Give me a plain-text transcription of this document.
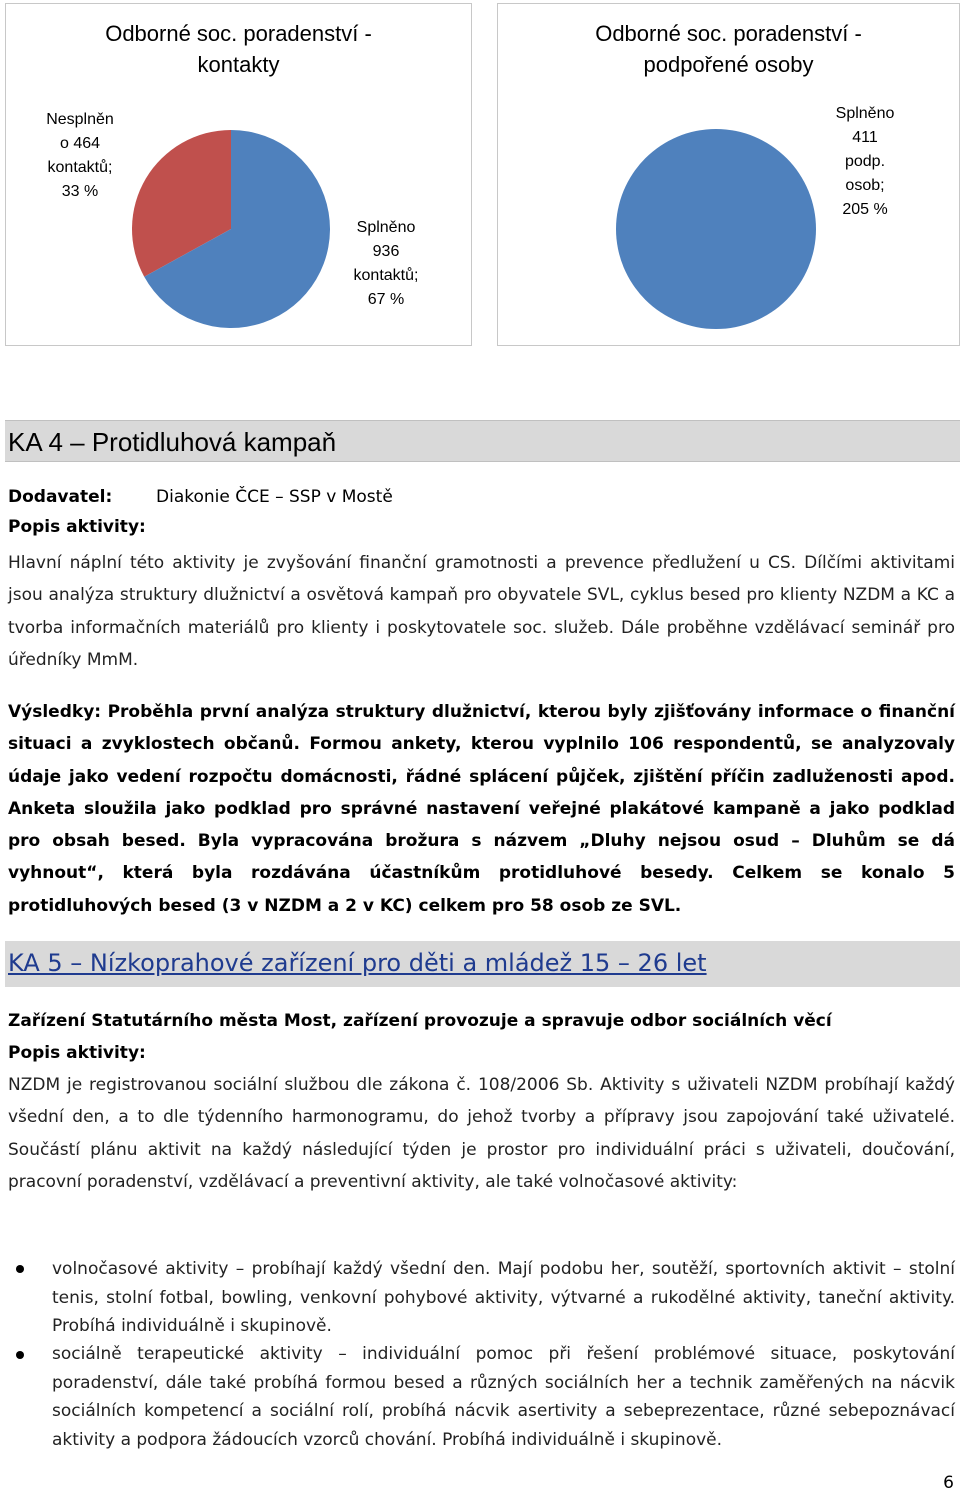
Odborné soc. poradenství -
kontakty
Nesplněn
o 464
kontaktů;
33 %
Splněno
936
kontaktů;
67 %
Odborné soc. poradenství -
podpořené osoby
Splněno
411
podp.
osob;
205 %
KA 4 – Protidluhová kampaň
Dodavatel:	Diakonie ČCE – SSP v Mostě
Popis aktivity:
Hlavní náplní této aktivity je zvyšování finanční gramotnosti a prevence předlužení u CS. Dílčími aktivitami jsou analýza struktury dlužnictví a osvětová kampaň pro obyvatele SVL, cyklus besed pro klienty NZDM a KC a tvorba informačních materiálů pro klienty i poskytovatele soc. služeb. Dále proběhne vzdělávací seminář pro úředníky MmM.
Výsledky: Proběhla první analýza struktury dlužnictví, kterou byly zjišťovány informace o finanční situaci a zvyklostech občanů. Formou ankety, kterou vyplnilo 106 respondentů, se analyzovaly údaje jako vedení rozpočtu domácnosti, řádné splácení půjček, zjištění příčin zadluženosti apod. Anketa sloužila jako podklad pro správné nastavení veřejné plakátové kampaně a jako podklad pro obsah besed. Byla vypracována brožura s názvem „Dluhy nejsou osud – Dluhům se dá vyhnout“, která byla rozdávána účastníkům protidluhové besedy. Celkem se konalo 5 protidluhových besed (3 v NZDM a 2 v KC) celkem pro 58 osob ze SVL.
KA 5 – Nízkoprahové zařízení pro děti a mládež 15 – 26 let
Zařízení Statutárního města Most, zařízení provozuje a spravuje odbor sociálních věcí
Popis aktivity:
NZDM je registrovanou sociální službou dle zákona č. 108/2006 Sb. Aktivity s uživateli NZDM probíhají každý všední den, a to dle týdenního harmonogramu, do jehož tvorby a přípravy jsou zapojování také uživatelé. Součástí plánu aktivit na každý následující týden je prostor pro individuální práci s uživateli, doučování, pracovní poradenství, vzdělávací a preventivní aktivity, ale také volnočasové aktivity:
volnočasové aktivity – probíhají každý všední den. Mají podobu her, soutěží, sportovních aktivit – stolní tenis, stolní fotbal, bowling, venkovní pohybové aktivity, výtvarné a rukodělné aktivity, taneční aktivity. Probíhá individuálně i skupinově.
sociálně terapeutické aktivity – individuální pomoc při řešení problémové situace, poskytování poradenství, dále také probíhá formou besed a různých sociálních her a technik zaměřených na nácvik sociálních kompetencí a sociální rolí, probíhá nácvik asertivity a sebeprezentace, různé sebepoznávací aktivity a podpora žádoucích vzorců chování. Probíhá individuálně i skupinově.
6
